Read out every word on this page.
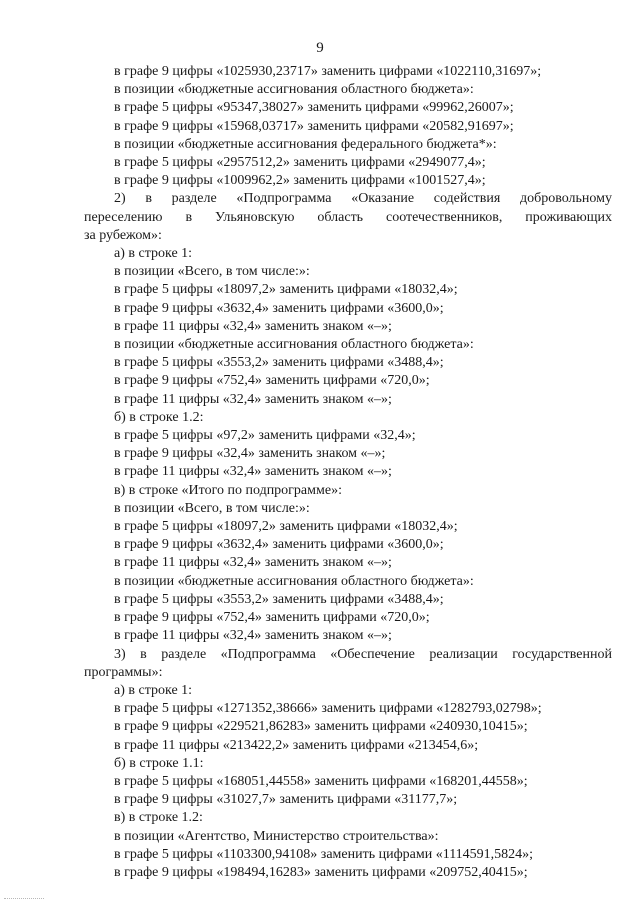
9
в графе 9 цифры «1025930,23717» заменить цифрами «1022110,31697»;
в позиции «бюджетные ассигнования областного бюджета»:
в графе 5 цифры «95347,38027» заменить цифрами «99962,26007»;
в графе 9 цифры «15968,03717» заменить цифрами «20582,91697»;
в позиции «бюджетные ассигнования федерального бюджета*»:
в графе 5 цифры «2957512,2» заменить цифрами «2949077,4»;
в графе 9 цифры «1009962,2» заменить цифрами «1001527,4»;
2) в разделе «Подпрограмма «Оказание содействия добровольному
переселению в Ульяновскую область соотечественников, проживающих
за рубежом»:
а) в строке 1:
в позиции «Всего, в том числе:»:
в графе 5 цифры «18097,2» заменить цифрами «18032,4»;
в графе 9 цифры «3632,4» заменить цифрами «3600,0»;
в графе 11 цифры «32,4» заменить знаком «–»;
в позиции «бюджетные ассигнования областного бюджета»:
в графе 5 цифры «3553,2» заменить цифрами «3488,4»;
в графе 9 цифры «752,4» заменить цифрами «720,0»;
в графе 11 цифры «32,4» заменить знаком «–»;
б) в строке 1.2:
в графе 5 цифры «97,2» заменить цифрами «32,4»;
в графе 9 цифры «32,4» заменить знаком «–»;
в графе 11 цифры «32,4» заменить знаком «–»;
в) в строке «Итого по подпрограмме»:
в позиции «Всего, в том числе:»:
в графе 5 цифры «18097,2» заменить цифрами «18032,4»;
в графе 9 цифры «3632,4» заменить цифрами «3600,0»;
в графе 11 цифры «32,4» заменить знаком «–»;
в позиции «бюджетные ассигнования областного бюджета»:
в графе 5 цифры «3553,2» заменить цифрами «3488,4»;
в графе 9 цифры «752,4» заменить цифрами «720,0»;
в графе 11 цифры «32,4» заменить знаком «–»;
3) в разделе «Подпрограмма «Обеспечение реализации государственной
программы»:
а) в строке 1:
в графе 5 цифры «1271352,38666» заменить цифрами «1282793,02798»;
в графе 9 цифры «229521,86283» заменить цифрами «240930,10415»;
в графе 11 цифры «213422,2» заменить цифрами «213454,6»;
б) в строке 1.1:
в графе 5 цифры «168051,44558» заменить цифрами «168201,44558»;
в графе 9 цифры «31027,7» заменить цифрами «31177,7»;
в) в строке 1.2:
в позиции «Агентство, Министерство строительства»:
в графе 5 цифры «1103300,94108» заменить цифрами «1114591,5824»;
в графе 9 цифры «198494,16283» заменить цифрами «209752,40415»;
